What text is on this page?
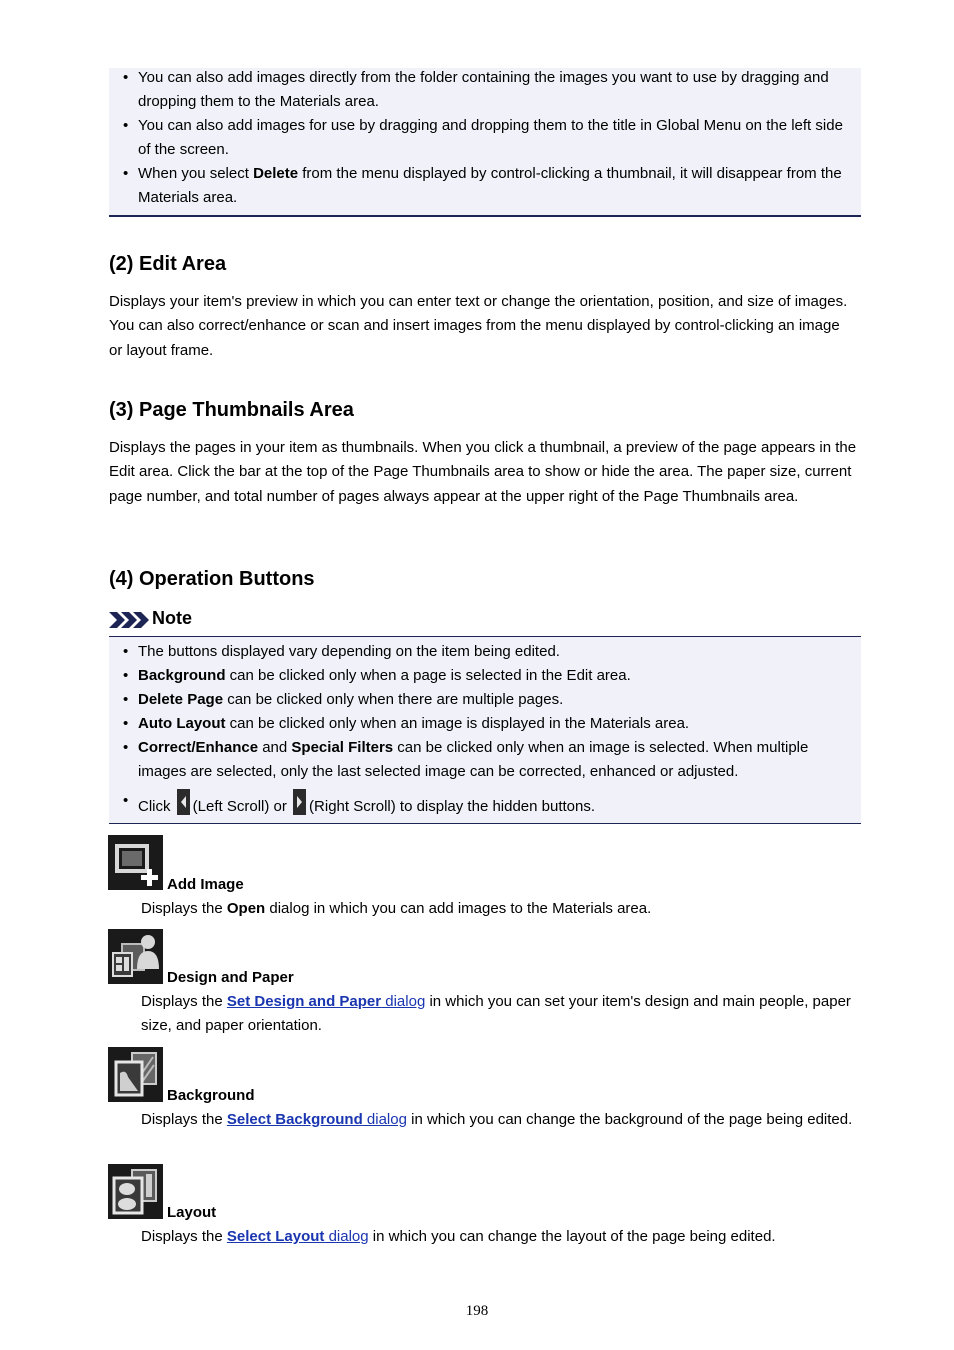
• You can also add images directly from the folder containing the images you want to use by dragging and dropping them to the Materials area.
• You can also add images for use by dragging and dropping them to the title in Global Menu on the left side of the screen.
• When you select Delete from the menu displayed by control-clicking a thumbnail, it will disappear from the Materials area.
(2) Edit Area

Displays your item's preview in which you can enter text or change the orientation, position, and size of images. You can also correct/enhance or scan and insert images from the menu displayed by control-clicking an image or layout frame.

(3) Page Thumbnails Area

Displays the pages in your item as thumbnails. When you click a thumbnail, a preview of the page appears in the Edit area. Click the bar at the top of the Page Thumbnails area to show or hide the area. The paper size, current page number, and total number of pages always appear at the upper right of the Page Thumbnails area.

(4) Operation Buttons
Note
• The buttons displayed vary depending on the item being edited.
• Background can be clicked only when a page is selected in the Edit area.
• Delete Page can be clicked only when there are multiple pages.
• Auto Layout can be clicked only when an image is displayed in the Materials area.
• Correct/Enhance and Special Filters can be clicked only when an image is selected. When multiple images are selected, only the last selected image can be corrected, enhanced or adjusted.
• Click (Left Scroll) or (Right Scroll) to display the hidden buttons.
Add Image

Displays the Open dialog in which you can add images to the Materials area.

Design and Paper

Displays the Set Design and Paper dialog in which you can set your item's design and main people, paper size, and paper orientation.

Background

Displays the Select Background dialog in which you can change the background of the page being edited.

Layout

Displays the Select Layout dialog in which you can change the layout of the page being edited.

198
